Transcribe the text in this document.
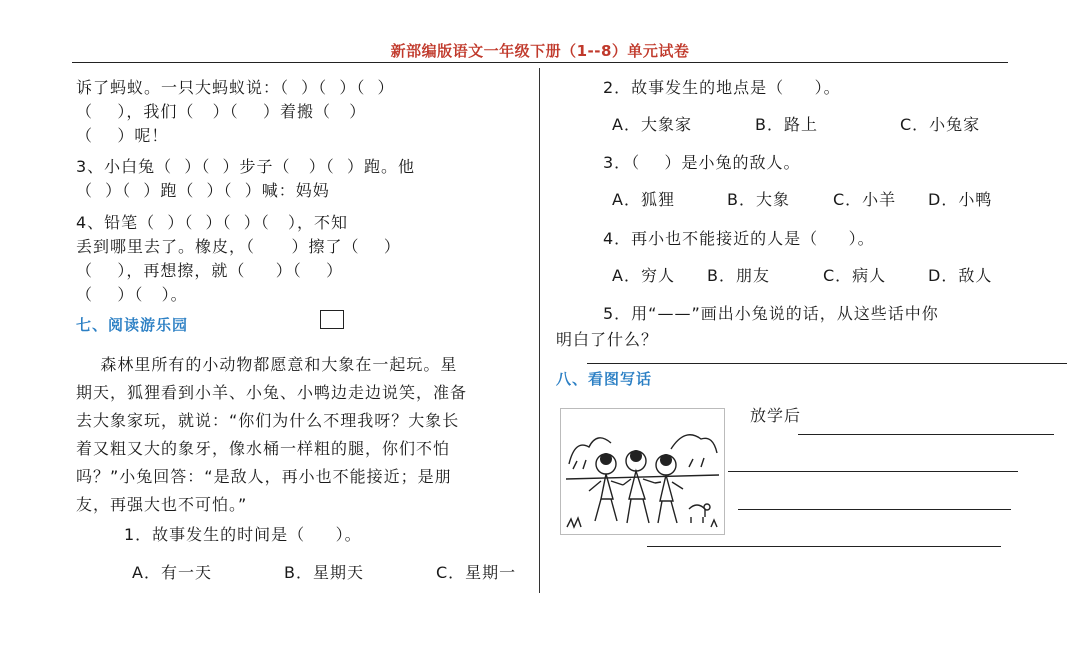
新部编版语文一年级下册（1--8）单元试卷
诉了蚂蚁。一只大蚂蚁说：（  ）（  ）（  ）
（    ），我们（   ）（    ）着搬（   ）
（    ）呢！
3、小白兔（  ）（  ）步子（   ）（  ）跑。他
（  ）（  ）跑（  ）（  ）喊：妈妈
4、铅笔（  ）（  ）（  ）（   ），不知
丢到哪里去了。橡皮，（      ）擦了（    ）
（    ），再想擦，就（     ）（    ）
（    ）（   ）。
七、阅读游乐园
森林里所有的小动物都愿意和大象在一起玩。星
期天，狐狸看到小羊、小兔、小鸭边走边说笑，准备
去大象家玩，就说：“你们为什么不理我呀？大象长
着又粗又大的象牙，像水桶一样粗的腿，你们不怕
吗？”小兔回答：“是敌人，再小也不能接近；是朋
友，再强大也不可怕。”
1．故事发生的时间是（     ）。
A．有一天	B．星期天	C．星期一
2．故事发生的地点是（     ）。
A．大象家	B．路上	C．小兔家
3．（    ）是小兔的敌人。
A．狐狸	B．大象	C．小羊 D．小鸭
4．再小也不能接近的人是（     ）。
A．穷人 B．朋友	C．病人	D．敌人
5．用“——”画出小兔说的话，从这些话中你
明白了什么？
八、看图写话
放学后
